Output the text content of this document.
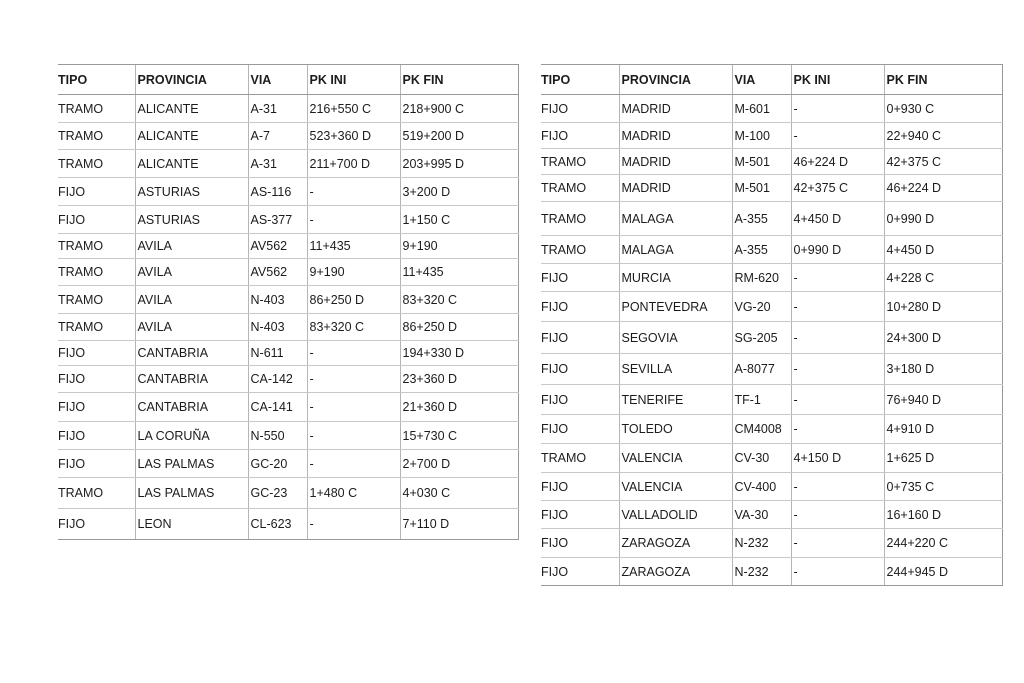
TIPO	PROVINCIA	VIA	PK INI	PK FIN
TRAMO	ALICANTE	A-31	216+550 C	218+900 C
TRAMO	ALICANTE	A-7	523+360 D	519+200 D
TRAMO	ALICANTE	A-31	211+700 D	203+995 D
FIJO	ASTURIAS	AS-116	-	3+200 D
FIJO	ASTURIAS	AS-377	-	1+150 C
TRAMO	AVILA	AV562	11+435	9+190
TRAMO	AVILA	AV562	9+190	11+435
TRAMO	AVILA	N-403	86+250 D	83+320 C
TRAMO	AVILA	N-403	83+320 C	86+250 D
FIJO	CANTABRIA	N-611	-	194+330 D
FIJO	CANTABRIA	CA-142	-	23+360 D
FIJO	CANTABRIA	CA-141	-	21+360 D
FIJO	LA CORUÑA	N-550	-	15+730 C
FIJO	LAS PALMAS	GC-20	-	2+700 D
TRAMO	LAS PALMAS	GC-23	1+480 C	4+030 C
FIJO	LEON	CL-623	-	7+110 D
TIPO	PROVINCIA	VIA	PK INI	PK FIN
FIJO	MADRID	M-601	-	0+930 C
FIJO	MADRID	M-100	-	22+940 C
TRAMO	MADRID	M-501	46+224 D	42+375 C
TRAMO	MADRID	M-501	42+375 C	46+224 D
TRAMO	MALAGA	A-355	4+450 D	0+990 D
TRAMO	MALAGA	A-355	0+990 D	4+450 D
FIJO	MURCIA	RM-620	-	4+228 C
FIJO	PONTEVEDRA	VG-20	-	10+280 D
FIJO	SEGOVIA	SG-205	-	24+300 D
FIJO	SEVILLA	A-8077	-	3+180 D
FIJO	TENERIFE	TF-1	-	76+940 D
FIJO	TOLEDO	CM4008	-	4+910 D
TRAMO	VALENCIA	CV-30	4+150 D	1+625 D
FIJO	VALENCIA	CV-400	-	0+735 C
FIJO	VALLADOLID	VA-30	-	16+160 D
FIJO	ZARAGOZA	N-232	-	244+220 C
FIJO	ZARAGOZA	N-232	-	244+945 D
